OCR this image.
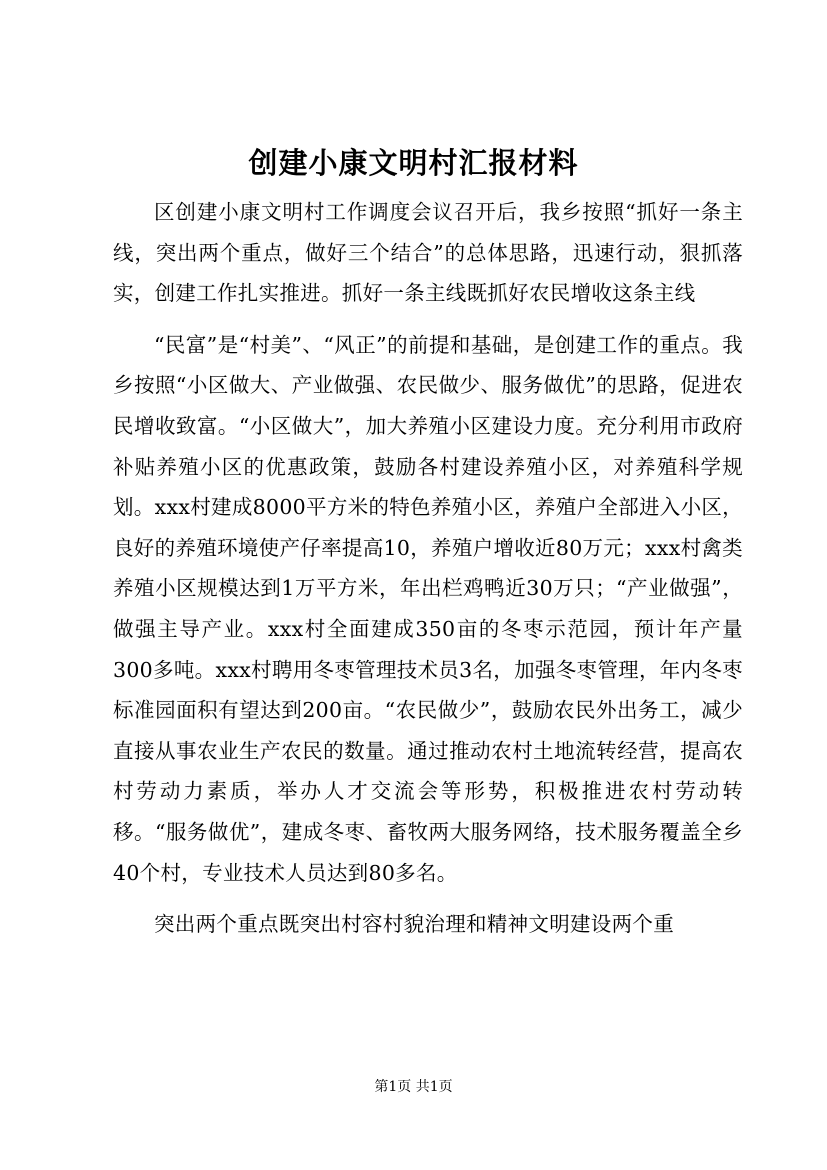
创建小康文明村汇报材料

区创建小康文明村工作调度会议召开后，我乡按照“抓好一条主线，突出两个重点，做好三个结合”的总体思路，迅速行动，狠抓落实，创建工作扎实推进。抓好一条主线既抓好农民增收这条主线

“民富”是“村美”、“风正”的前提和基础，是创建工作的重点。我乡按照“小区做大、产业做强、农民做少、服务做优”的思路，促进农民增收致富。“小区做大”，加大养殖小区建设力度。充分利用市政府补贴养殖小区的优惠政策，鼓励各村建设养殖小区，对养殖科学规划。xxx村建成8000平方米的特色养殖小区，养殖户全部进入小区，良好的养殖环境使产仔率提高10，养殖户增收近80万元；xxx村禽类养殖小区规模达到1万平方米，年出栏鸡鸭近30万只；“产业做强”，做强主导产业。xxx村全面建成350亩的冬枣示范园，预计年产量300多吨。xxx村聘用冬枣管理技术员3名，加强冬枣管理，年内冬枣标准园面积有望达到200亩。“农民做少”，鼓励农民外出务工，减少直接从事农业生产农民的数量。通过推动农村土地流转经营，提高农村劳动力素质，举办人才交流会等形势，积极推进农村劳动转移。“服务做优”，建成冬枣、畜牧两大服务网络，技术服务覆盖全乡40个村，专业技术人员达到80多名。

突出两个重点既突出村容村貌治理和精神文明建设两个重

第1页 共1页
